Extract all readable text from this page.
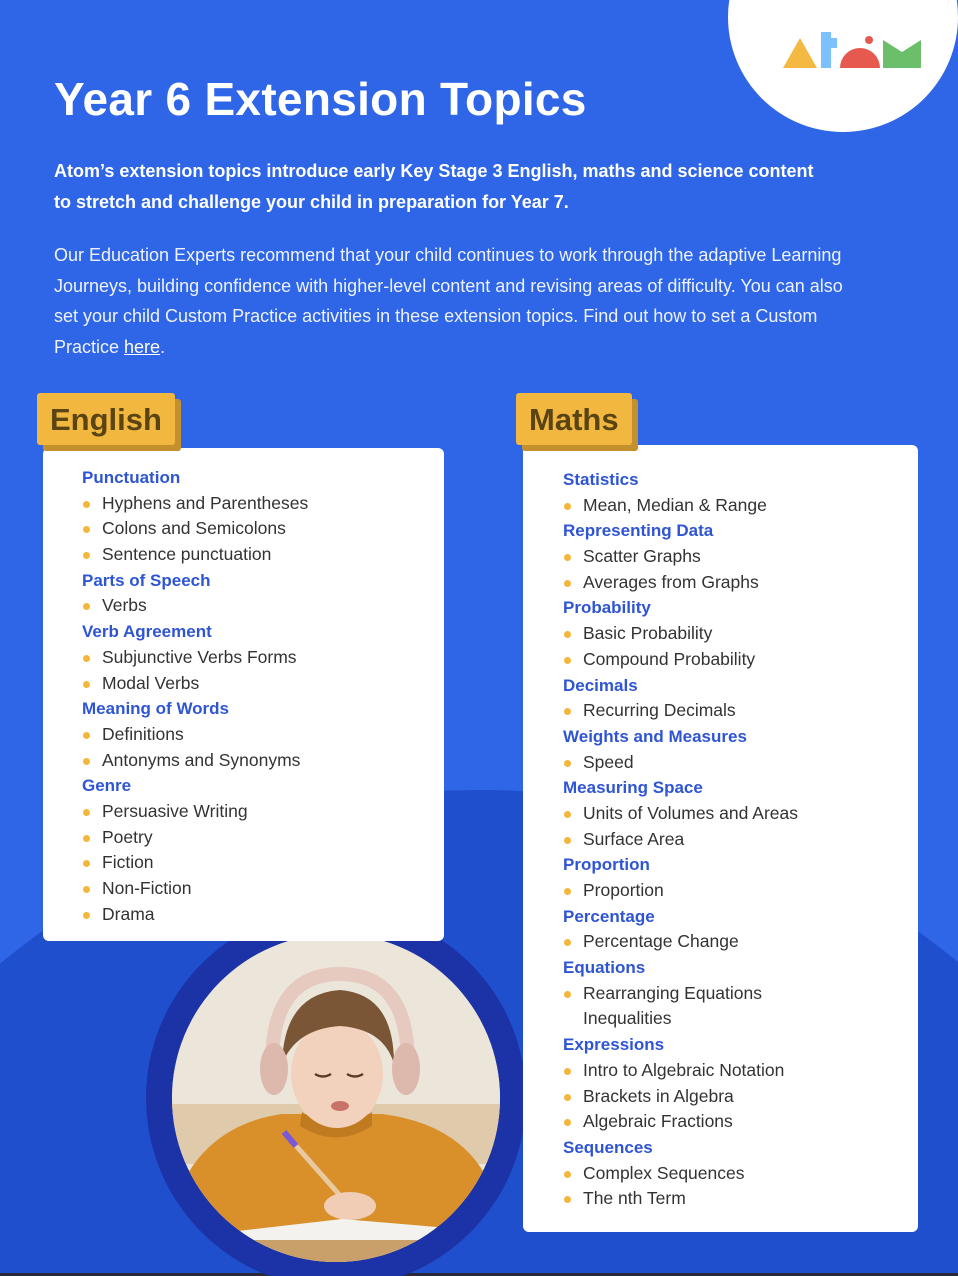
Year 6 Extension Topics

Atom’s extension topics introduce early Key Stage 3 English, maths and science content to stretch and challenge your child in preparation for Year 7.

Our Education Experts recommend that your child continues to work through the adaptive Learning Journeys, building confidence with higher-level content and revising areas of difficulty. You can also set your child Custom Practice activities in these extension topics. Find out how to set a Custom Practice here.

English
Punctuation
Hyphens and Parentheses
Colons and Semicolons
Sentence punctuation
Parts of Speech
Verbs
Verb Agreement
Subjunctive Verbs Forms
Modal Verbs
Meaning of Words
Definitions
Antonyms and Synonyms
Genre
Persuasive Writing
Poetry
Fiction
Non-Fiction
Drama
Maths
Statistics
Mean, Median & Range
Representing Data
Scatter Graphs
Averages from Graphs
Probability
Basic Probability
Compound Probability
Decimals
Recurring Decimals
Weights and Measures
Speed
Measuring Space
Units of Volumes and Areas
Surface Area
Proportion
Proportion
Percentage
Percentage Change
Equations
Rearranging Equations
Inequalities
Expressions
Intro to Algebraic Notation
Brackets in Algebra
Algebraic Fractions
Sequences
Complex Sequences
The nth Term
